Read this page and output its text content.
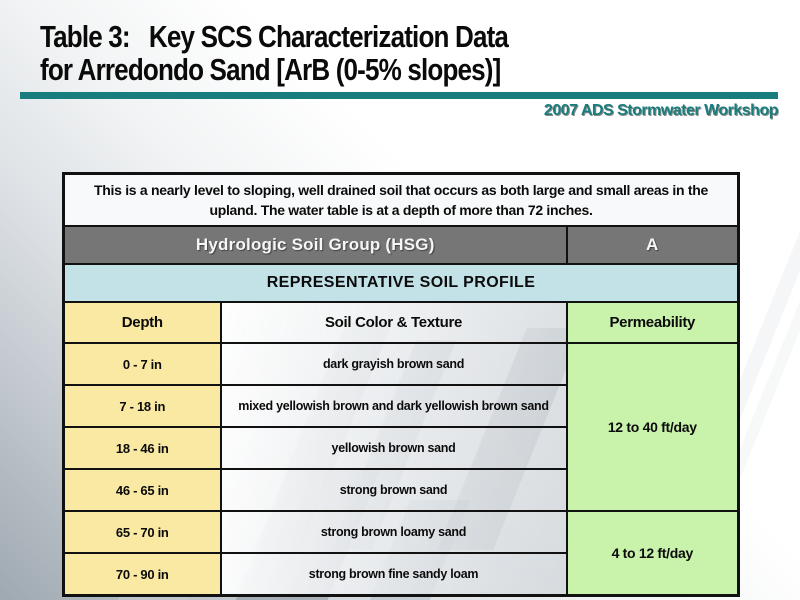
Table 3:   Key SCS Characterization Data
for Arredondo Sand [ArB (0-5% slopes)]
2007 ADS Stormwater Workshop
This is a nearly level to sloping, well drained soil that occurs as both large and small areas in the upland. The water table is at a depth of more than 72 inches.		
Hydrologic Soil Group (HSG)		A
REPRESENTATIVE SOIL PROFILE		
Depth	Soil Color & Texture	Permeability
0 - 7 in	dark grayish brown sand	12 to 40 ft/day
7 - 18 in	mixed yellowish brown and dark yellowish brown sand	
18 - 46 in	yellowish brown sand	
46 - 65 in	strong brown sand	
65 - 70 in	strong brown loamy sand	4 to 12 ft/day
70 - 90 in	strong brown fine sandy loam	
